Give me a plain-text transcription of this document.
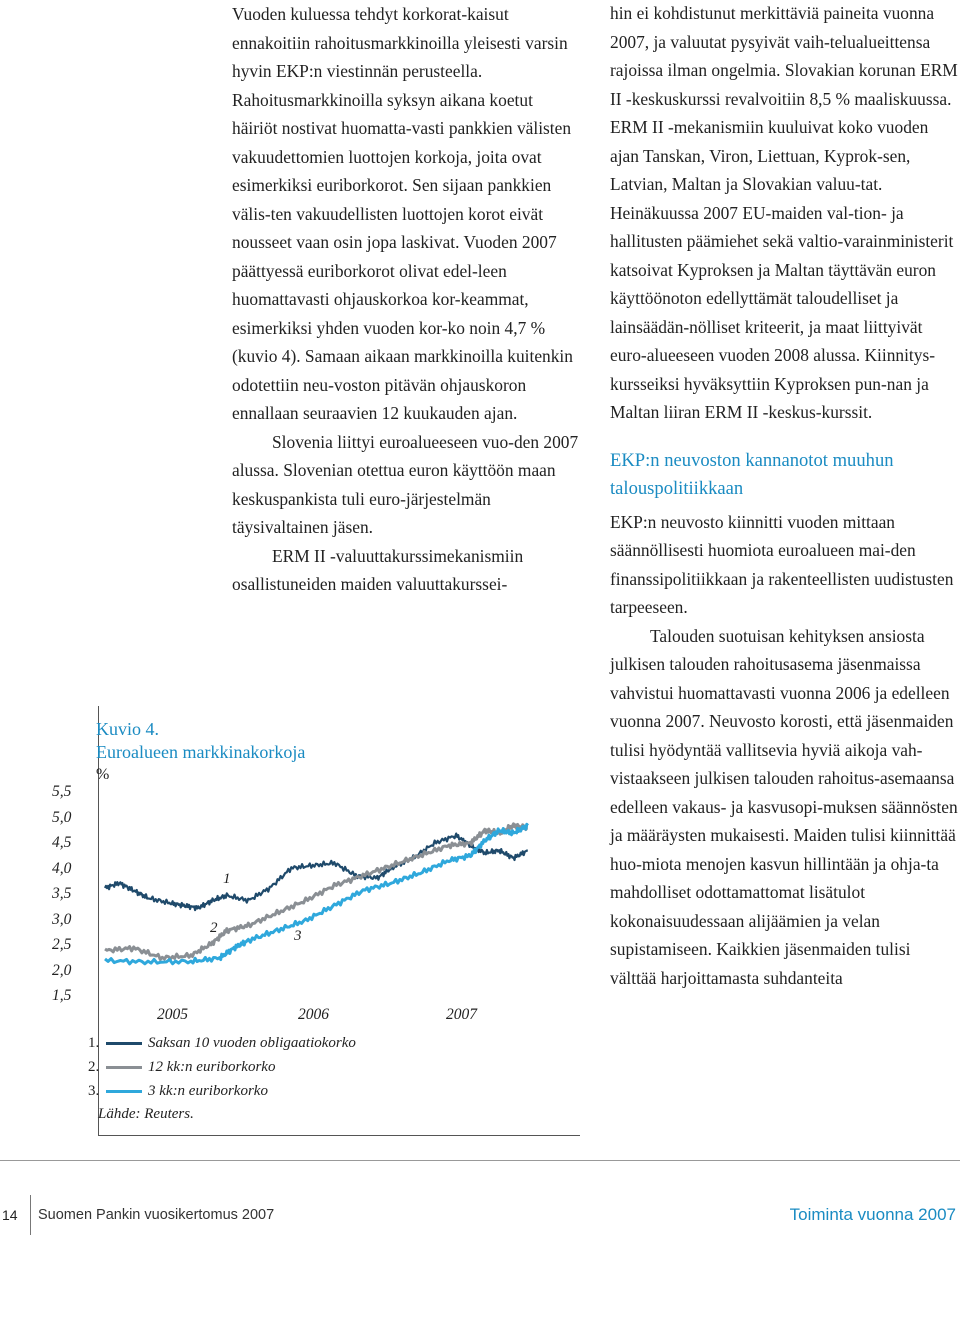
Vuoden kuluessa tehdyt korkorat-kaisut ennakoitiin rahoitusmarkkinoilla yleisesti varsin hyvin EKP:n viestinnän perusteella. Rahoitusmarkkinoilla syksyn aikana koetut häiriöt nostivat huomatta-vasti pankkien välisten vakuudettomien luottojen korkoja, joita ovat esimerkiksi euriborkorot. Sen sijaan pankkien välis-ten vakuudellisten luottojen korot eivät nousseet vaan osin jopa laskivat. Vuoden 2007 päättyessä euriborkorot olivat edel-leen huomattavasti ohjauskorkoa kor-keammat, esimerkiksi yhden vuoden kor-ko noin 4,7 % (kuvio 4). Samaan aikaan markkinoilla kuitenkin odotettiin neu-voston pitävän ohjauskoron ennallaan seuraavien 12 kuukauden ajan.

Slovenia liittyi euroalueeseen vuo-den 2007 alussa. Slovenian otettua euron käyttöön maan keskuspankista tuli euro-järjestelmän täysivaltainen jäsen.

ERM II -valuuttakurssimekanismiin osallistuneiden maiden valuuttakurssei-

hin ei kohdistunut merkittäviä paineita vuonna 2007, ja valuutat pysyivät vaih-telualueittensa rajoissa ilman ongelmia. Slovakian korunan ERM II -keskuskurssi revalvoitiin 8,5 % maaliskuussa. ERM II -mekanismiin kuuluivat koko vuoden ajan Tanskan, Viron, Liettuan, Kyprok-sen, Latvian, Maltan ja Slovakian valuu-tat. Heinäkuussa 2007 EU-maiden val-tion- ja hallitusten päämiehet sekä valtio-varainministerit katsoivat Kyproksen ja Maltan täyttävän euron käyttöönoton edellyttämät taloudelliset ja lainsäädän-nölliset kriteerit, ja maat liittyivät euro-alueeseen vuoden 2008 alussa. Kiinnitys-kursseiksi hyväksyttiin Kyproksen pun-nan ja Maltan liiran ERM II -keskus-kurssit.

EKP:n neuvoston kannanotot muuhun talouspolitiikkaan

EKP:n neuvosto kiinnitti vuoden mittaan säännöllisesti huomiota euroalueen mai-den finanssipolitiikkaan ja rakenteellisten uudistusten tarpeeseen.

Talouden suotuisan kehityksen ansiosta julkisen talouden rahoitusasema jäsenmaissa vahvistui huomattavasti vuonna 2006 ja edelleen vuonna 2007. Neuvosto korosti, että jäsenmaiden tulisi hyödyntää vallitsevia hyviä aikoja vah-vistaakseen julkisen talouden rahoitus-asemaansa edelleen vakaus- ja kasvusopi-muksen säännösten ja määräysten mukaisesti. Maiden tulisi kiinnittää huo-miota menojen kasvun hillintään ja ohja-ta mahdolliset odottamattomat lisätulot kokonaisuudessaan alijäämien ja velan supistamiseen. Kaikkien jäsenmaiden tulisi välttää harjoittamasta suhdanteita

Kuvio 4.
Euroalueen markkinakorkoja
%
5,5
5,0
4,5
4,0
3,5
3,0
2,5
2,0
1,5
2005	2006	2007
1
2	3
1.	Saksan 10 vuoden obligaatiokorko
2.	12 kk:n euriborkorko
3.	3 kk:n euriborkorko
Lähde: Reuters.
14	Suomen Pankin vuosikertomus 2007	Toiminta vuonna 2007
